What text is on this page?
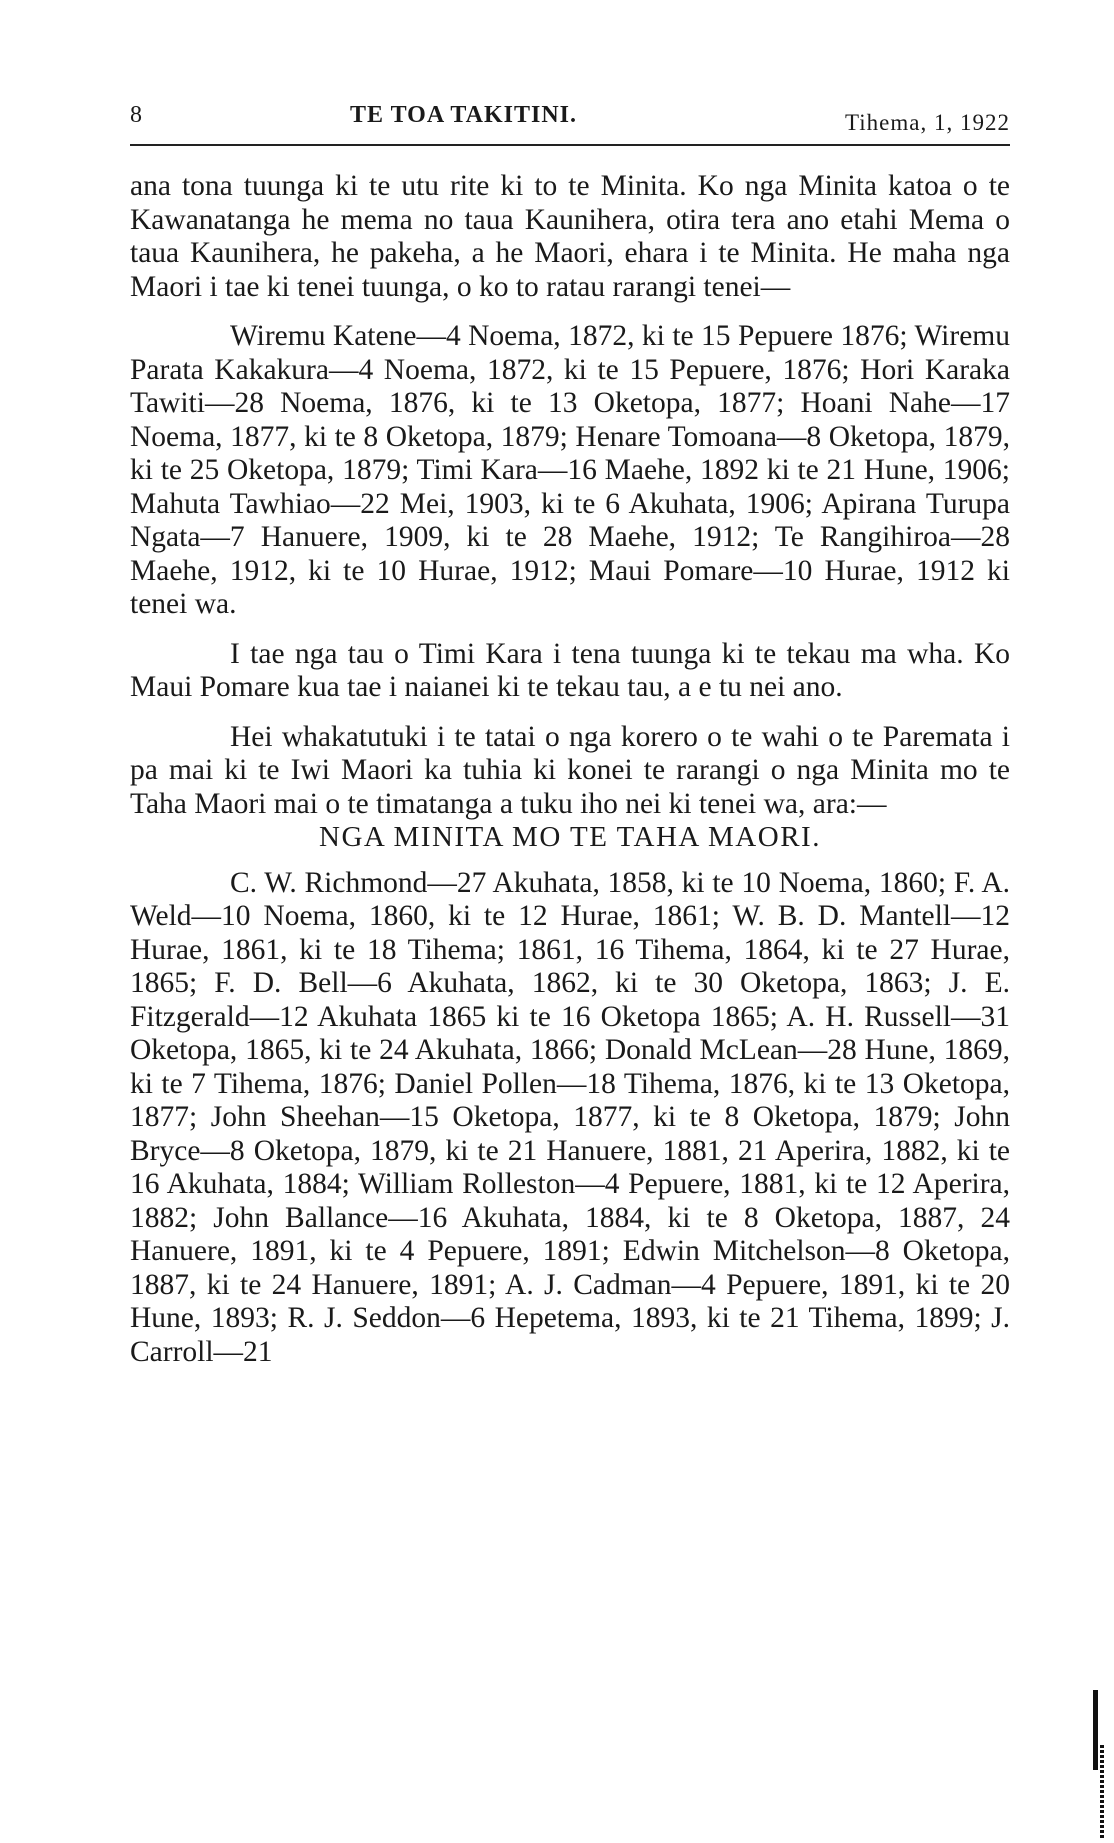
8	TE TOA TAKITINI.	Tihema, 1, 1922

ana tona tuunga ki te utu rite ki to te Minita. Ko nga Minita katoa o te Kawanatanga he mema no taua Kaunihera, otira tera ano etahi Mema o taua Kaunihera, he pakeha, a he Maori, ehara i te Minita. He maha nga Maori i tae ki tenei tuunga, o ko to ratau rarangi tenei—

Wiremu Katene—4 Noema, 1872, ki te 15 Pepuere 1876; Wiremu Parata Kakakura—4 Noema, 1872, ki te 15 Pepuere, 1876; Hori Karaka Tawiti—28 Noema, 1876, ki te 13 Oketopa, 1877; Hoani Nahe—17 Noema, 1877, ki te 8 Oketopa, 1879; Henare Tomoana—8 Oketopa, 1879, ki te 25 Oketopa, 1879; Timi Kara—16 Maehe, 1892 ki te 21 Hune, 1906; Mahuta Tawhiao—22 Mei, 1903, ki te 6 Akuhata, 1906; Apirana Turupa Ngata—7 Hanuere, 1909, ki te 28 Maehe, 1912; Te Rangihiroa—28 Maehe, 1912, ki te 10 Hurae, 1912; Maui Pomare—10 Hurae, 1912 ki tenei wa.

I tae nga tau o Timi Kara i tena tuunga ki te tekau ma wha. Ko Maui Pomare kua tae i naianei ki te tekau tau, a e tu nei ano.

Hei whakatutuki i te tatai o nga korero o te wahi o te Paremata i pa mai ki te Iwi Maori ka tuhia ki konei te rarangi o nga Minita mo te Taha Maori mai o te timatanga a tuku iho nei ki tenei wa, ara:—

NGA MINITA MO TE TAHA MAORI.

C. W. Richmond—27 Akuhata, 1858, ki te 10 Noema, 1860; F. A. Weld—10 Noema, 1860, ki te 12 Hurae, 1861; W. B. D. Mantell—12 Hurae, 1861, ki te 18 Tihema; 1861, 16 Tihema, 1864, ki te 27 Hurae, 1865; F. D. Bell—6 Akuhata, 1862, ki te 30 Oketopa, 1863; J. E. Fitzgerald—12 Akuhata 1865 ki te 16 Oketopa 1865; A. H. Russell—31 Oketopa, 1865, ki te 24 Akuhata, 1866; Donald McLean—28 Hune, 1869, ki te 7 Tihema, 1876; Daniel Pollen—18 Tihema, 1876, ki te 13 Oketopa, 1877; John Sheehan—15 Oketopa, 1877, ki te 8 Oketopa, 1879; John Bryce—8 Oketopa, 1879, ki te 21 Hanuere, 1881, 21 Aperira, 1882, ki te 16 Akuhata, 1884; William Rolleston—4 Pepuere, 1881, ki te 12 Aperira, 1882; John Ballance—16 Akuhata, 1884, ki te 8 Oketopa, 1887, 24 Hanuere, 1891, ki te 4 Pepuere, 1891; Edwin Mitchelson—8 Oketopa, 1887, ki te 24 Hanuere, 1891; A. J. Cadman—4 Pepuere, 1891, ki te 20 Hune, 1893; R. J. Seddon—6 Hepetema, 1893, ki te 21 Tihema, 1899; J. Carroll—21
